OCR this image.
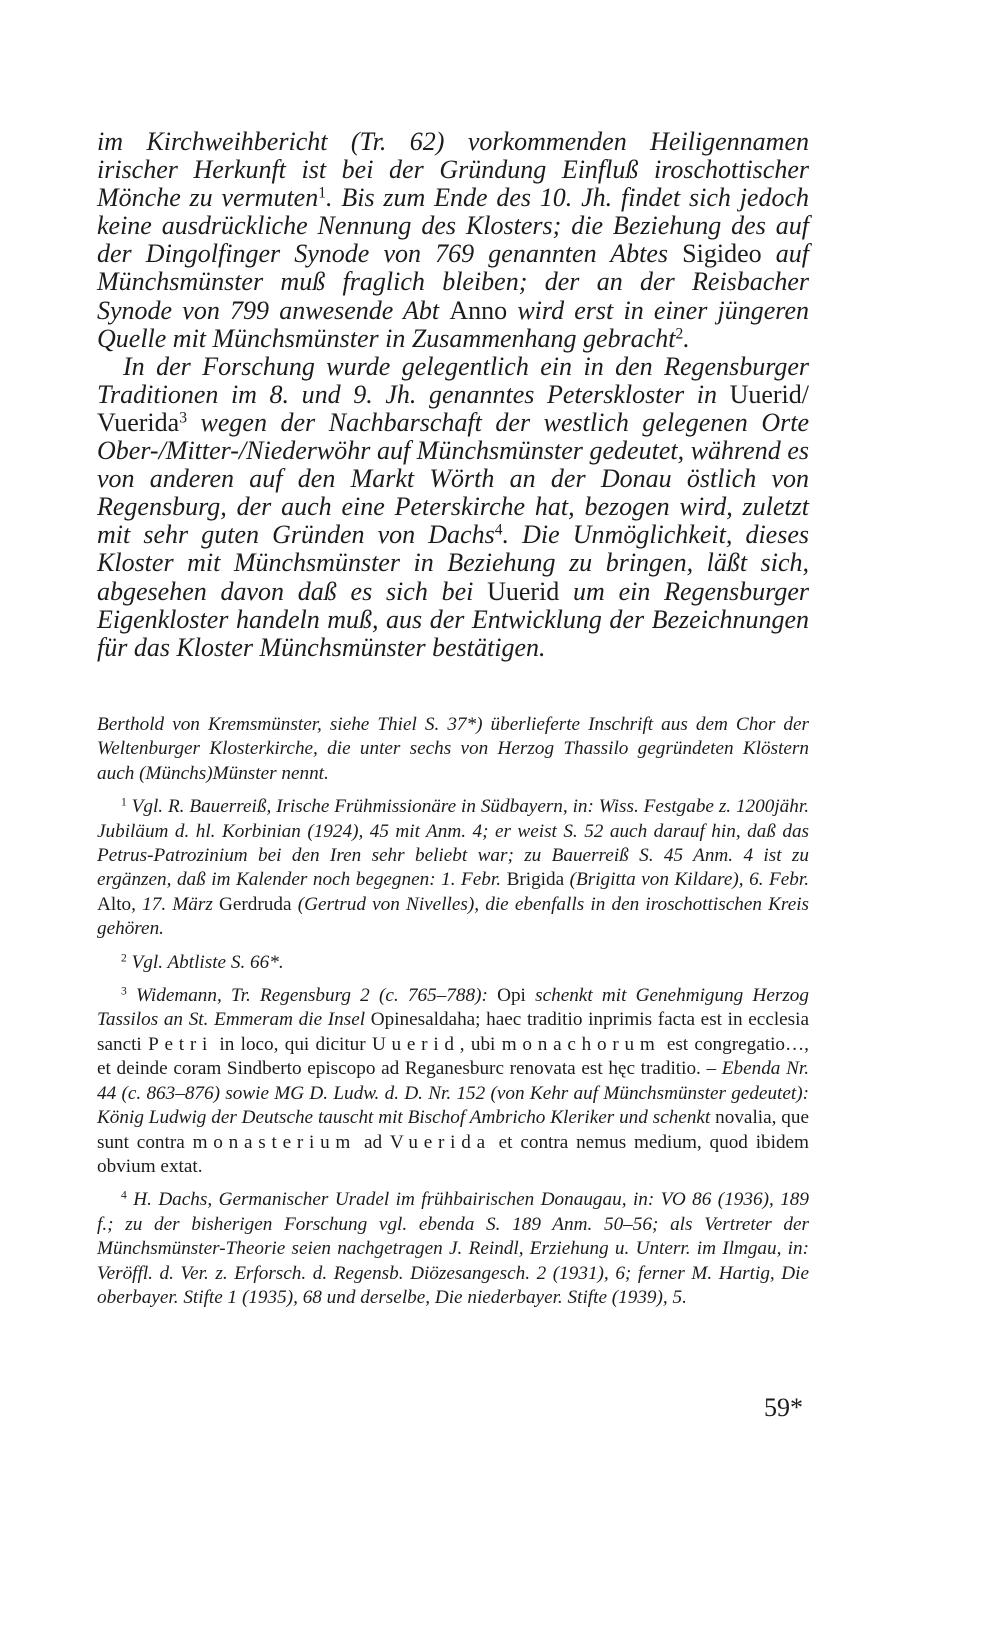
im Kirchweihbericht (Tr. 62) vorkommenden Heiligennamen irischer Herkunft ist bei der Gründung Einfluß iroschottischer Mönche zu vermuten$^1$. Bis zum Ende des 10. Jh. findet sich jedoch keine ausdrückliche Nennung des Klosters; die Beziehung des auf der Dingolfinger Synode von 769 genannten Abtes Sigideo auf Münchsmünster muß fraglich bleiben; der an der Reisbacher Synode von 799 anwesende Abt Anno wird erst in einer jüngeren Quelle mit Münchsmünster in Zusammenhang gebracht$^2$.

In der Forschung wurde gelegentlich ein in den Regensburger Traditionen im 8. und 9. Jh. genanntes Peterskloster in Uuerid/ Vuerida$^3$ wegen der Nachbarschaft der westlich gelegenen Orte Ober-/Mitter-/Niederwöhr auf Münchsmünster gedeutet, während es von anderen auf den Markt Wörth an der Donau östlich von Regensburg, der auch eine Peterskirche hat, bezogen wird, zuletzt mit sehr guten Gründen von Dachs$^4$. Die Unmöglichkeit, dieses Kloster mit Münchsmünster in Beziehung zu bringen, läßt sich, abgesehen davon daß es sich bei Uuerid um ein Regensburger Eigenkloster handeln muß, aus der Entwicklung der Bezeichnungen für das Kloster Münchsmünster bestätigen.

Berthold von Kremsmünster, siehe Thiel S. 37*) überlieferte Inschrift aus dem Chor der Weltenburger Klosterkirche, die unter sechs von Herzog Thassilo gegründeten Klöstern auch (Münchs)Münster nennt.

$^1$ Vgl. R. Bauerreiß, Irische Frühmissionäre in Südbayern, in: Wiss. Festgabe z. 1200jähr. Jubiläum d. hl. Korbinian (1924), 45 mit Anm. 4; er weist S. 52 auch darauf hin, daß das Petrus-Patrozinium bei den Iren sehr beliebt war; zu Bauerreiß S. 45 Anm. 4 ist zu ergänzen, daß im Kalender noch begegnen: 1. Febr. Brigida (Brigitta von Kildare), 6. Febr. Alto, 17. März Gerdruda (Gertrud von Nivelles), die ebenfalls in den iroschottischen Kreis gehören.

$^2$ Vgl. Abtliste S. 66*.

$^3$ Widemann, Tr. Regensburg 2 (c. 765–788): Opi schenkt mit Genehmigung Herzog Tassilos an St. Emmeram die Insel Opinesaldaha; haec traditio inprimis facta est in ecclesia sancti Petri in loco, qui dicitur Uuerid, ubi monachorum est congregatio…, et deinde coram Sindberto episcopo ad Reganesburc renovata est hęc traditio. – Ebenda Nr. 44 (c. 863–876) sowie MG D. Ludw. d. D. Nr. 152 (von Kehr auf Münchsmünster gedeutet): König Ludwig der Deutsche tauscht mit Bischof Ambricho Kleriker und schenkt novalia, que sunt contra monasterium ad Vuerida et contra nemus medium, quod ibidem obvium extat.

$^4$ H. Dachs, Germanischer Uradel im frühbairischen Donaugau, in: VO 86 (1936), 189 f.; zu der bisherigen Forschung vgl. ebenda S. 189 Anm. 50–56; als Vertreter der Münchsmünster-Theorie seien nachgetragen J. Reindl, Erziehung u. Unterr. im Ilmgau, in: Veröffl. d. Ver. z. Erforsch. d. Regensb. Diözesangesch. 2 (1931), 6; ferner M. Hartig, Die oberbayer. Stifte 1 (1935), 68 und derselbe, Die niederbayer. Stifte (1939), 5.

59*
